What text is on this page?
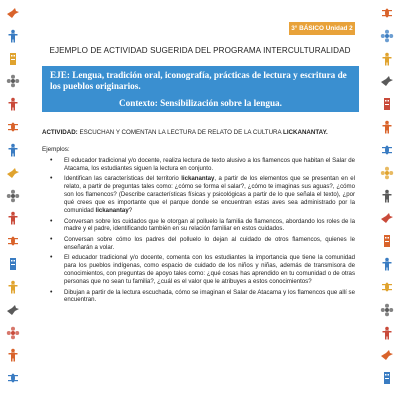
3° BÁSICO Unidad 2
EJEMPLO DE ACTIVIDAD SUGERIDA DEL PROGRAMA INTERCULTURALIDAD
EJE: Lengua, tradición oral, iconografía, prácticas de lectura y escritura de los pueblos originarios.
Contexto: Sensibilización sobre la lengua.
ACTIVIDAD: ESCUCHAN Y COMENTAN LA LECTURA DE RELATO DE LA CULTURA LICKANANTAY.
Ejemplos:
• El educador tradicional y/o docente, realiza lectura de texto alusivo a los flamencos que habitan el Salar de Atacama, los estudiantes siguen la lectura en conjunto.
• Identifican las características del territorio lickanantay, a partir de los elementos que se presentan en el relato, a partir de preguntas tales como: ¿cómo se forma el salar?, ¿cómo te imaginas sus aguas?, ¿cómo son los flamencos? (Describe características físicas y psicológicas a partir de lo que señala el texto), ¿por qué crees que es importante que el parque donde se encuentran estas aves sea administrado por la comunidad lickanantay?
• Conversan sobre los cuidados que le otorgan al polluelo la familia de flamencos, abordando los roles de la madre y el padre, identificando también en su relación familiar en estos cuidados.
• Conversan sobre cómo los padres del polluelo lo dejan al cuidado de otros flamencos, quienes le enseñarán a volar.
• El educador tradicional y/o docente, comenta con los estudiantes la importancia que tiene la comunidad para los pueblos indígenas, como espacio de cuidado de los niños y niñas, además de transmisora de conocimientos, con preguntas de apoyo tales como: ¿qué cosas has aprendido en tu comunidad o de otras personas que no sean tu familia?, ¿cuál es el valor que le atribuyes a estos conocimientos?
• Dibujan a partir de la lectura escuchada, cómo se imaginan el Salar de Atacama y los flamencos que allí se encuentran.
